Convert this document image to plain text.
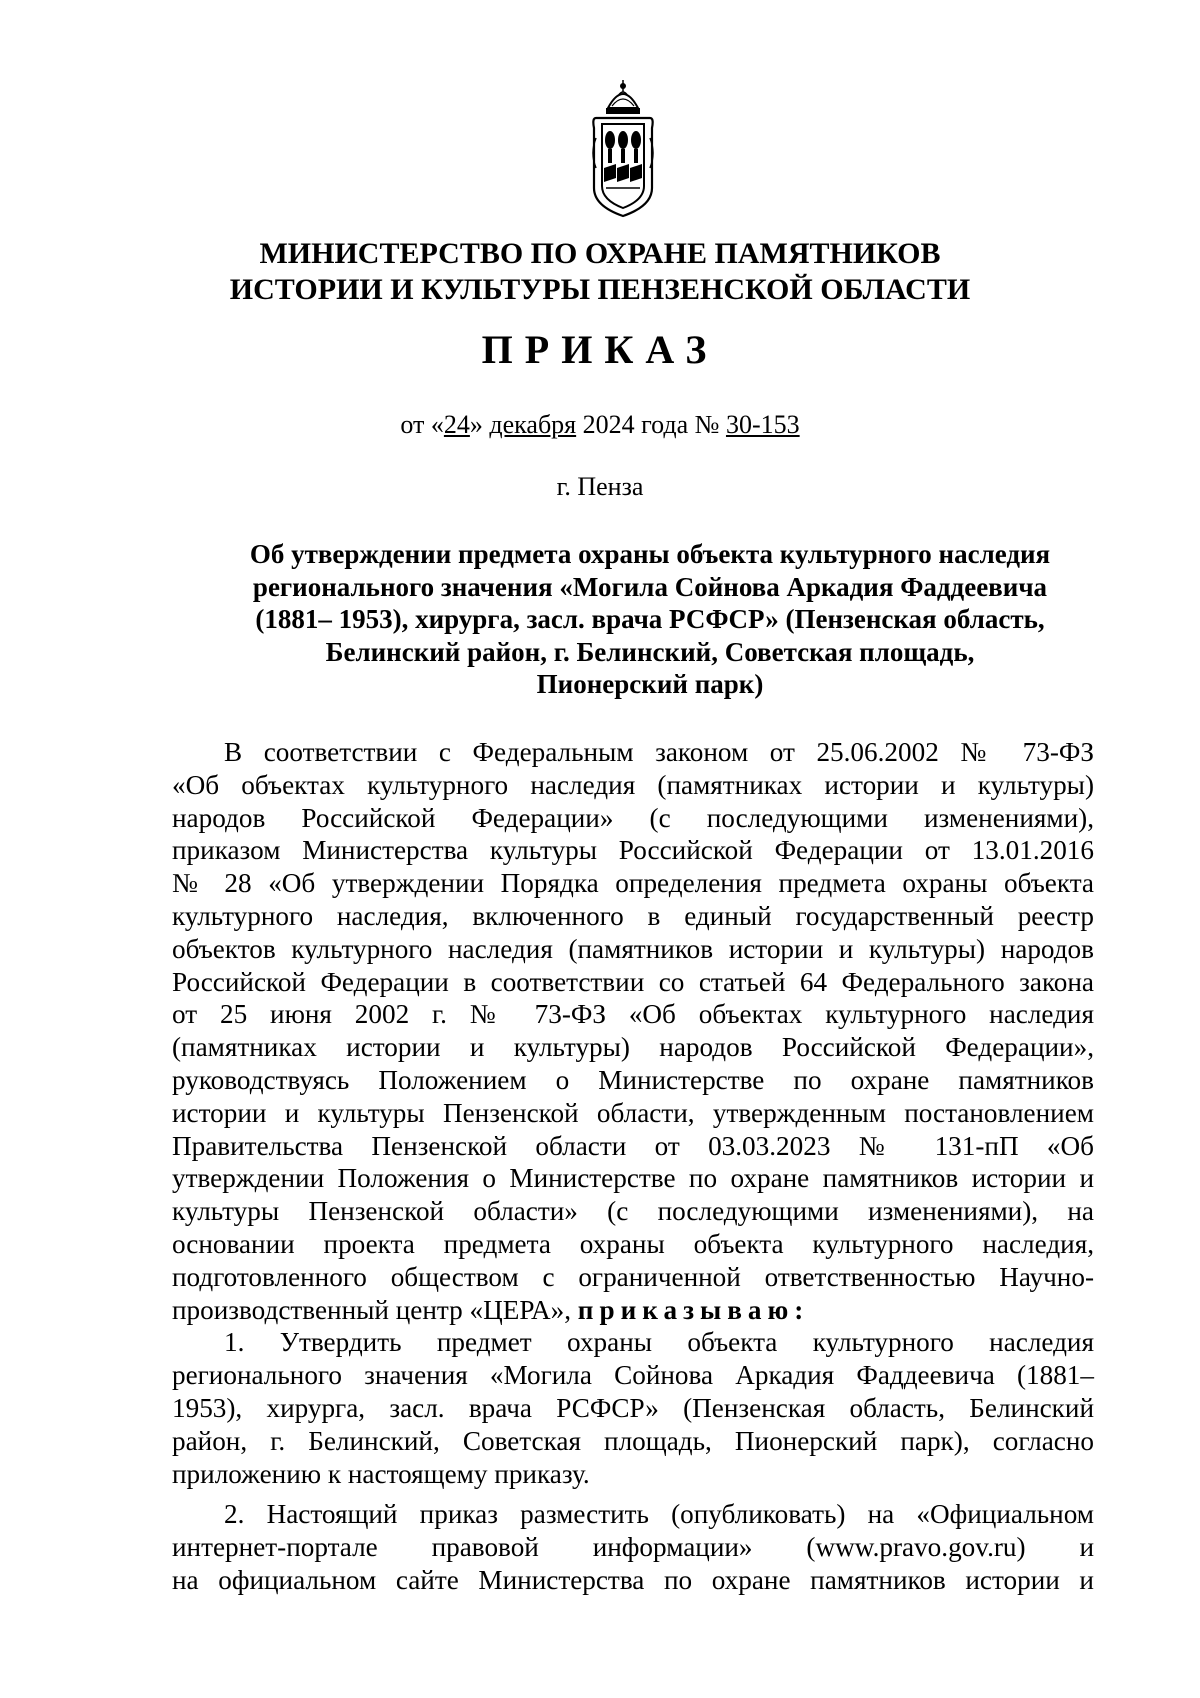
МИНИСТЕРСТВО ПО ОХРАНЕ ПАМЯТНИКОВ
ИСТОРИИ И КУЛЬТУРЫ ПЕНЗЕНСКОЙ ОБЛАСТИ
ПРИКАЗ
от «24» декабря 2024 года № 30-153
г. Пенза
Об утверждении предмета охраны объекта культурного наследия
регионального значения «Могила Сойнова Аркадия Фаддеевича
(1881– 1953), хирурга, засл. врача РСФСР» (Пензенская область,
Белинский район, г. Белинский, Советская площадь,
Пионерский парк)
В соответствии с Федеральным законом от 25.06.2002 № 73-ФЗ
«Об объектах культурного наследия (памятниках истории и культуры)
народов Российской Федерации» (с последующими изменениями),
приказом Министерства культуры Российской Федерации от 13.01.2016
№ 28 «Об утверждении Порядка определения предмета охраны объекта
культурного наследия, включенного в единый государственный реестр
объектов культурного наследия (памятников истории и культуры) народов
Российской Федерации в соответствии со статьей 64 Федерального закона
от 25 июня 2002 г. № 73-ФЗ «Об объектах культурного наследия
(памятниках истории и культуры) народов Российской Федерации»,
руководствуясь Положением о Министерстве по охране памятников
истории и культуры Пензенской области, утвержденным постановлением
Правительства Пензенской области от 03.03.2023 № 131-пП «Об
утверждении Положения о Министерстве по охране памятников истории и
культуры Пензенской области» (с последующими изменениями), на
основании проекта предмета охраны объекта культурного наследия,
подготовленного обществом с ограниченной ответственностью Научно-
производственный центр «ЦЕРА», приказываю:
1. Утвердить предмет охраны объекта культурного наследия
регионального значения «Могила Сойнова Аркадия Фаддеевича (1881–
1953), хирурга, засл. врача РСФСР» (Пензенская область, Белинский
район, г. Белинский, Советская площадь, Пионерский парк), согласно
приложению к настоящему приказу.
2. Настоящий приказ разместить (опубликовать) на «Официальном
интернет-портале правовой информации» (www.pravo.gov.ru) и
на официальном сайте Министерства по охране памятников истории и
